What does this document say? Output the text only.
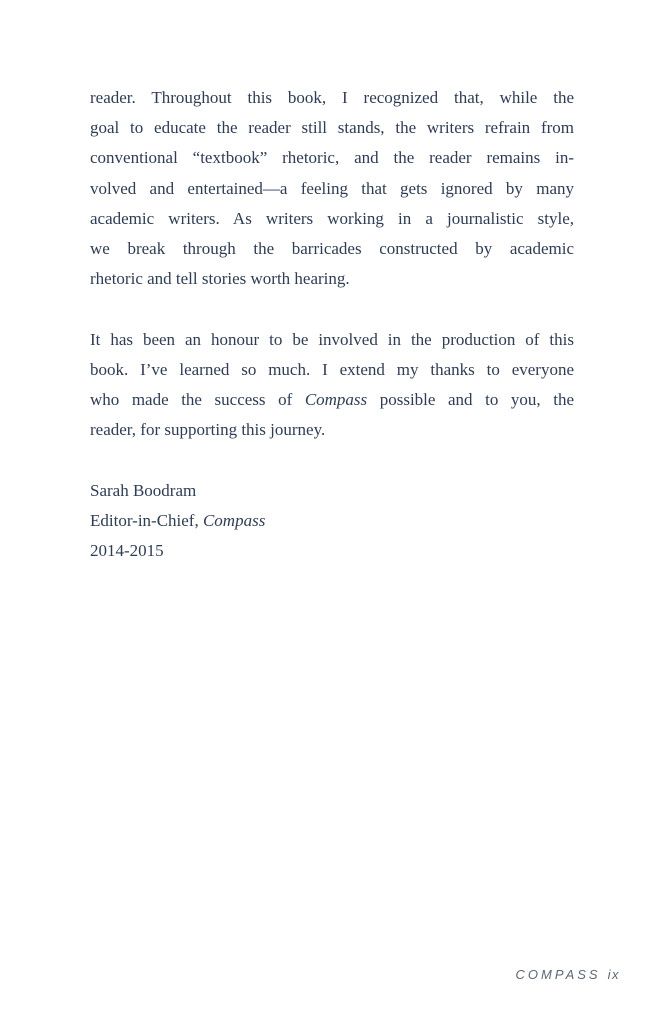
reader. Throughout this book, I recognized that, while the
goal to educate the reader still stands, the writers refrain from
conventional “textbook” rhetoric, and the reader remains in-
volved and entertained—a feeling that gets ignored by many
academic writers. As writers working in a journalistic style,
we break through the barricades constructed by academic
rhetoric and tell stories worth hearing.
It has been an honour to be involved in the production of this
book. I’ve learned so much. I extend my thanks to everyone
who made the success of Compass possible and to you, the
reader, for supporting this journey.
Sarah Boodram
Editor-in-Chief, Compass
2014-2015
COMPASS ix
